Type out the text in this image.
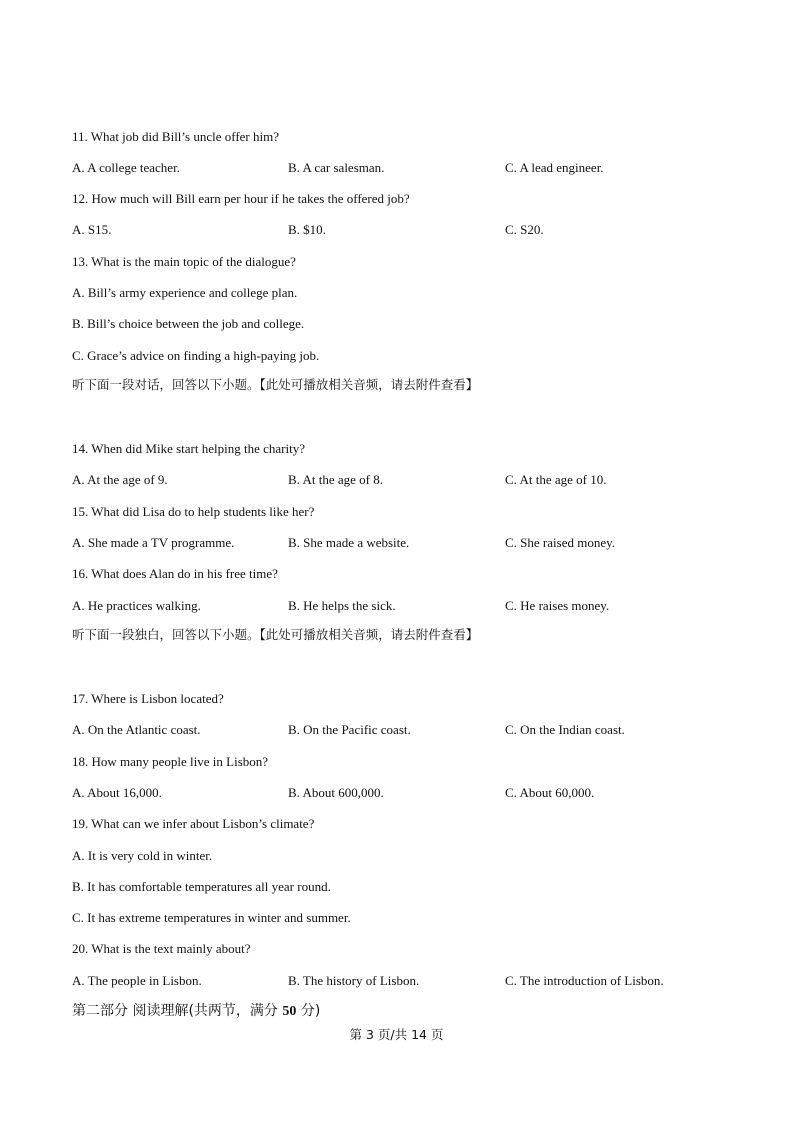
11. What job did Bill’s uncle offer him?
A. A college teacher.	B. A car salesman.	C. A lead engineer.
12. How much will Bill earn per hour if he takes the offered job?
A. S15.	B. $10.	C. S20.
13. What is the main topic of the dialogue?
A. Bill’s army experience and college plan.
B. Bill’s choice between the job and college.
C. Grace’s advice on finding a high-paying job.
听下面一段对话，回答以下小题。【此处可播放相关音频，请去附件查看】
14. When did Mike start helping the charity?
A. At the age of 9.	B. At the age of 8.	C. At the age of 10.
15. What did Lisa do to help students like her?
A. She made a TV programme.	B. She made a website.	C. She raised money.
16. What does Alan do in his free time?
A. He practices walking.	B. He helps the sick.	C. He raises money.
听下面一段独白，回答以下小题。【此处可播放相关音频，请去附件查看】
17. Where is Lisbon located?
A. On the Atlantic coast.	B. On the Pacific coast.	C. On the Indian coast.
18. How many people live in Lisbon?
A. About 16,000.	B. About 600,000.	C. About 60,000.
19. What can we infer about Lisbon’s climate?
A. It is very cold in winter.
B. It has comfortable temperatures all year round.
C. It has extreme temperatures in winter and summer.
20. What is the text mainly about?
A. The people in Lisbon.	B. The history of Lisbon.	C. The introduction of Lisbon.
第二部分 阅读理解(共两节，满分 50 分)
第 3 页/共 14 页
